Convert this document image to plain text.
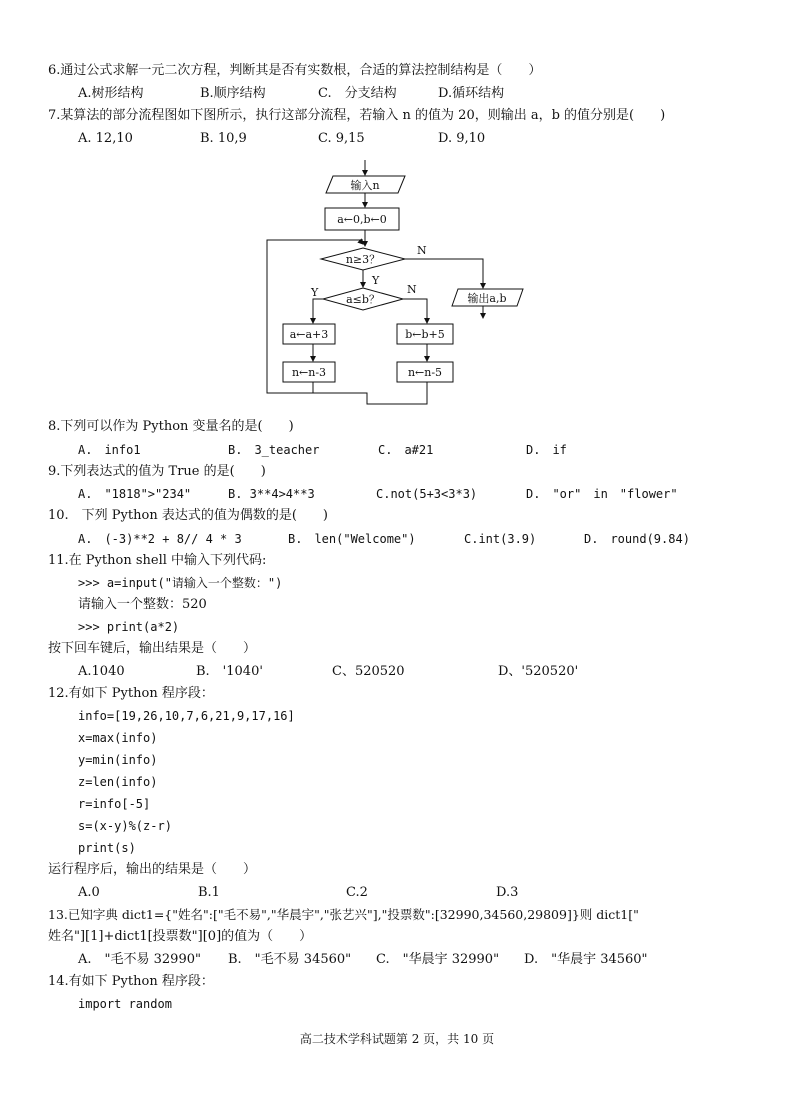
6.通过公式求解一元二次方程，判断其是否有实数根，合适的算法控制结构是（　　）

A.树形结构

	B.顺序结构

	C.　分支结构

	D.循环结构

7.某算法的部分流程图如下图所示，执行这部分流程，若输入 n 的值为 20，则输出 a，b 的值分别是(　　)

A. 12,10

	B. 10,9

	C. 9,15

	D. 9,10

输入n
a←0,b←0
n≥3？
N
Y
a≤b？
Y	N
输出a,b
a←a+3
n←n-3
b←b+5
n←n-5
8.下列可以作为 Python 变量名的是(　　)

A.　info1

	B.　3_teacher

	C.　a#21

	D.　if

9.下列表达式的值为 True 的是(　　)

A.　"1818">"234"

	B. 3**4>4**3

	C.not(5+3<3*3)

	D.　"or"　in　"flower"

10.　下列 Python 表达式的值为偶数的是(　　)

A.　(-3)**2 + 8// 4 * 3

	B.　len("Welcome")

	C.int(3.9)

	D.　round(9.84)

11.在 Python shell 中输入下列代码:
>>> a=input("请输入一个整数：")
请输入一个整数：520
>>> print(a*2)
按下回车键后，输出结果是（　　）

A.1040

	B.　'1040'

	C、520520

	D、'520520'

12.有如下 Python 程序段：
info=[19,26,10,7,6,21,9,17,16]
x=max(info)
y=min(info)
z=len(info)
r=info[-5]
s=(x-y)%(z-r)
print(s)
运行程序后，输出的结果是（　　）

A.0

	B.1

	C.2

	D.3

13.已知字典 dict1={"姓名":["毛不易","华晨宇","张艺兴"],"投票数":[32990,34560,29809]}则 dict1["
姓名"][1]+dict1[投票数"][0]的值为（　　）

A.　"毛不易 32990"

B.　"毛不易 34560"

C.　"华晨宇 32990"

D.　"华晨宇 34560"

14.有如下 Python 程序段：
import random
高二技术学科试题第 2 页，共 10 页
